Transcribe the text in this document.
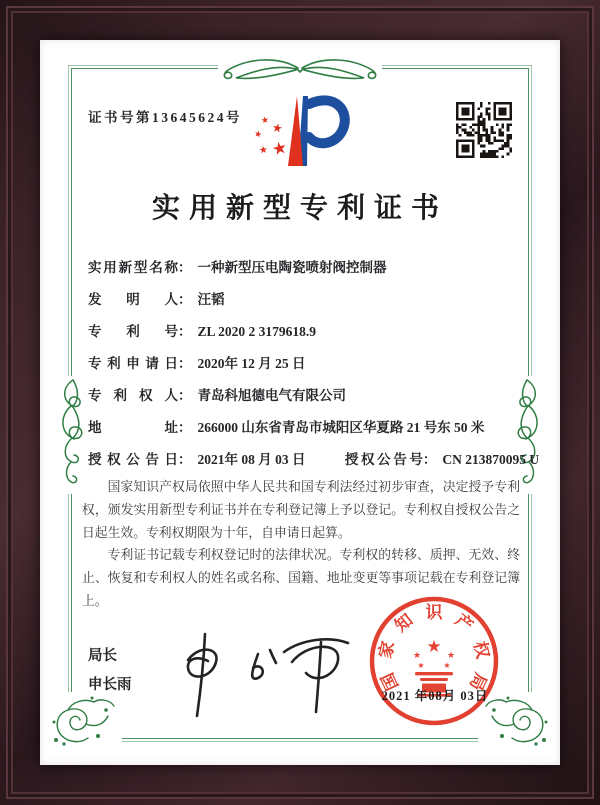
证书号第13645624号
★
★
★
★
★
实用新型专利证书
实用新型名称： 一种新型压电陶瓷喷射阀控制器
发明人： 汪韬
专利号： ZL 2020 2 3179618.9
专利申请日： 2020年 12 月 25 日
专利权人： 青岛科旭德电气有限公司
地址： 266000 山东省青岛市城阳区华夏路 21 号东 50 米
授权公告日： 2021年 08 月 03 日	授权公告号： CN 213870095 U

国家知识产权局依照中华人民共和国专利法经过初步审查，决定授予专利权，颁发实用新型专利证书并在专利登记簿上予以登记。专利权自授权公告之日起生效。专利权期限为十年，自申请日起算。

专利证书记载专利权登记时的法律状况。专利权的转移、质押、无效、终止、恢复和专利权人的姓名或名称、国籍、地址变更等事项记载在专利登记簿上。

局长
申长雨
★
★	★
★ ★
国
家
知 识 产
权
局
2021 年08月 03日
